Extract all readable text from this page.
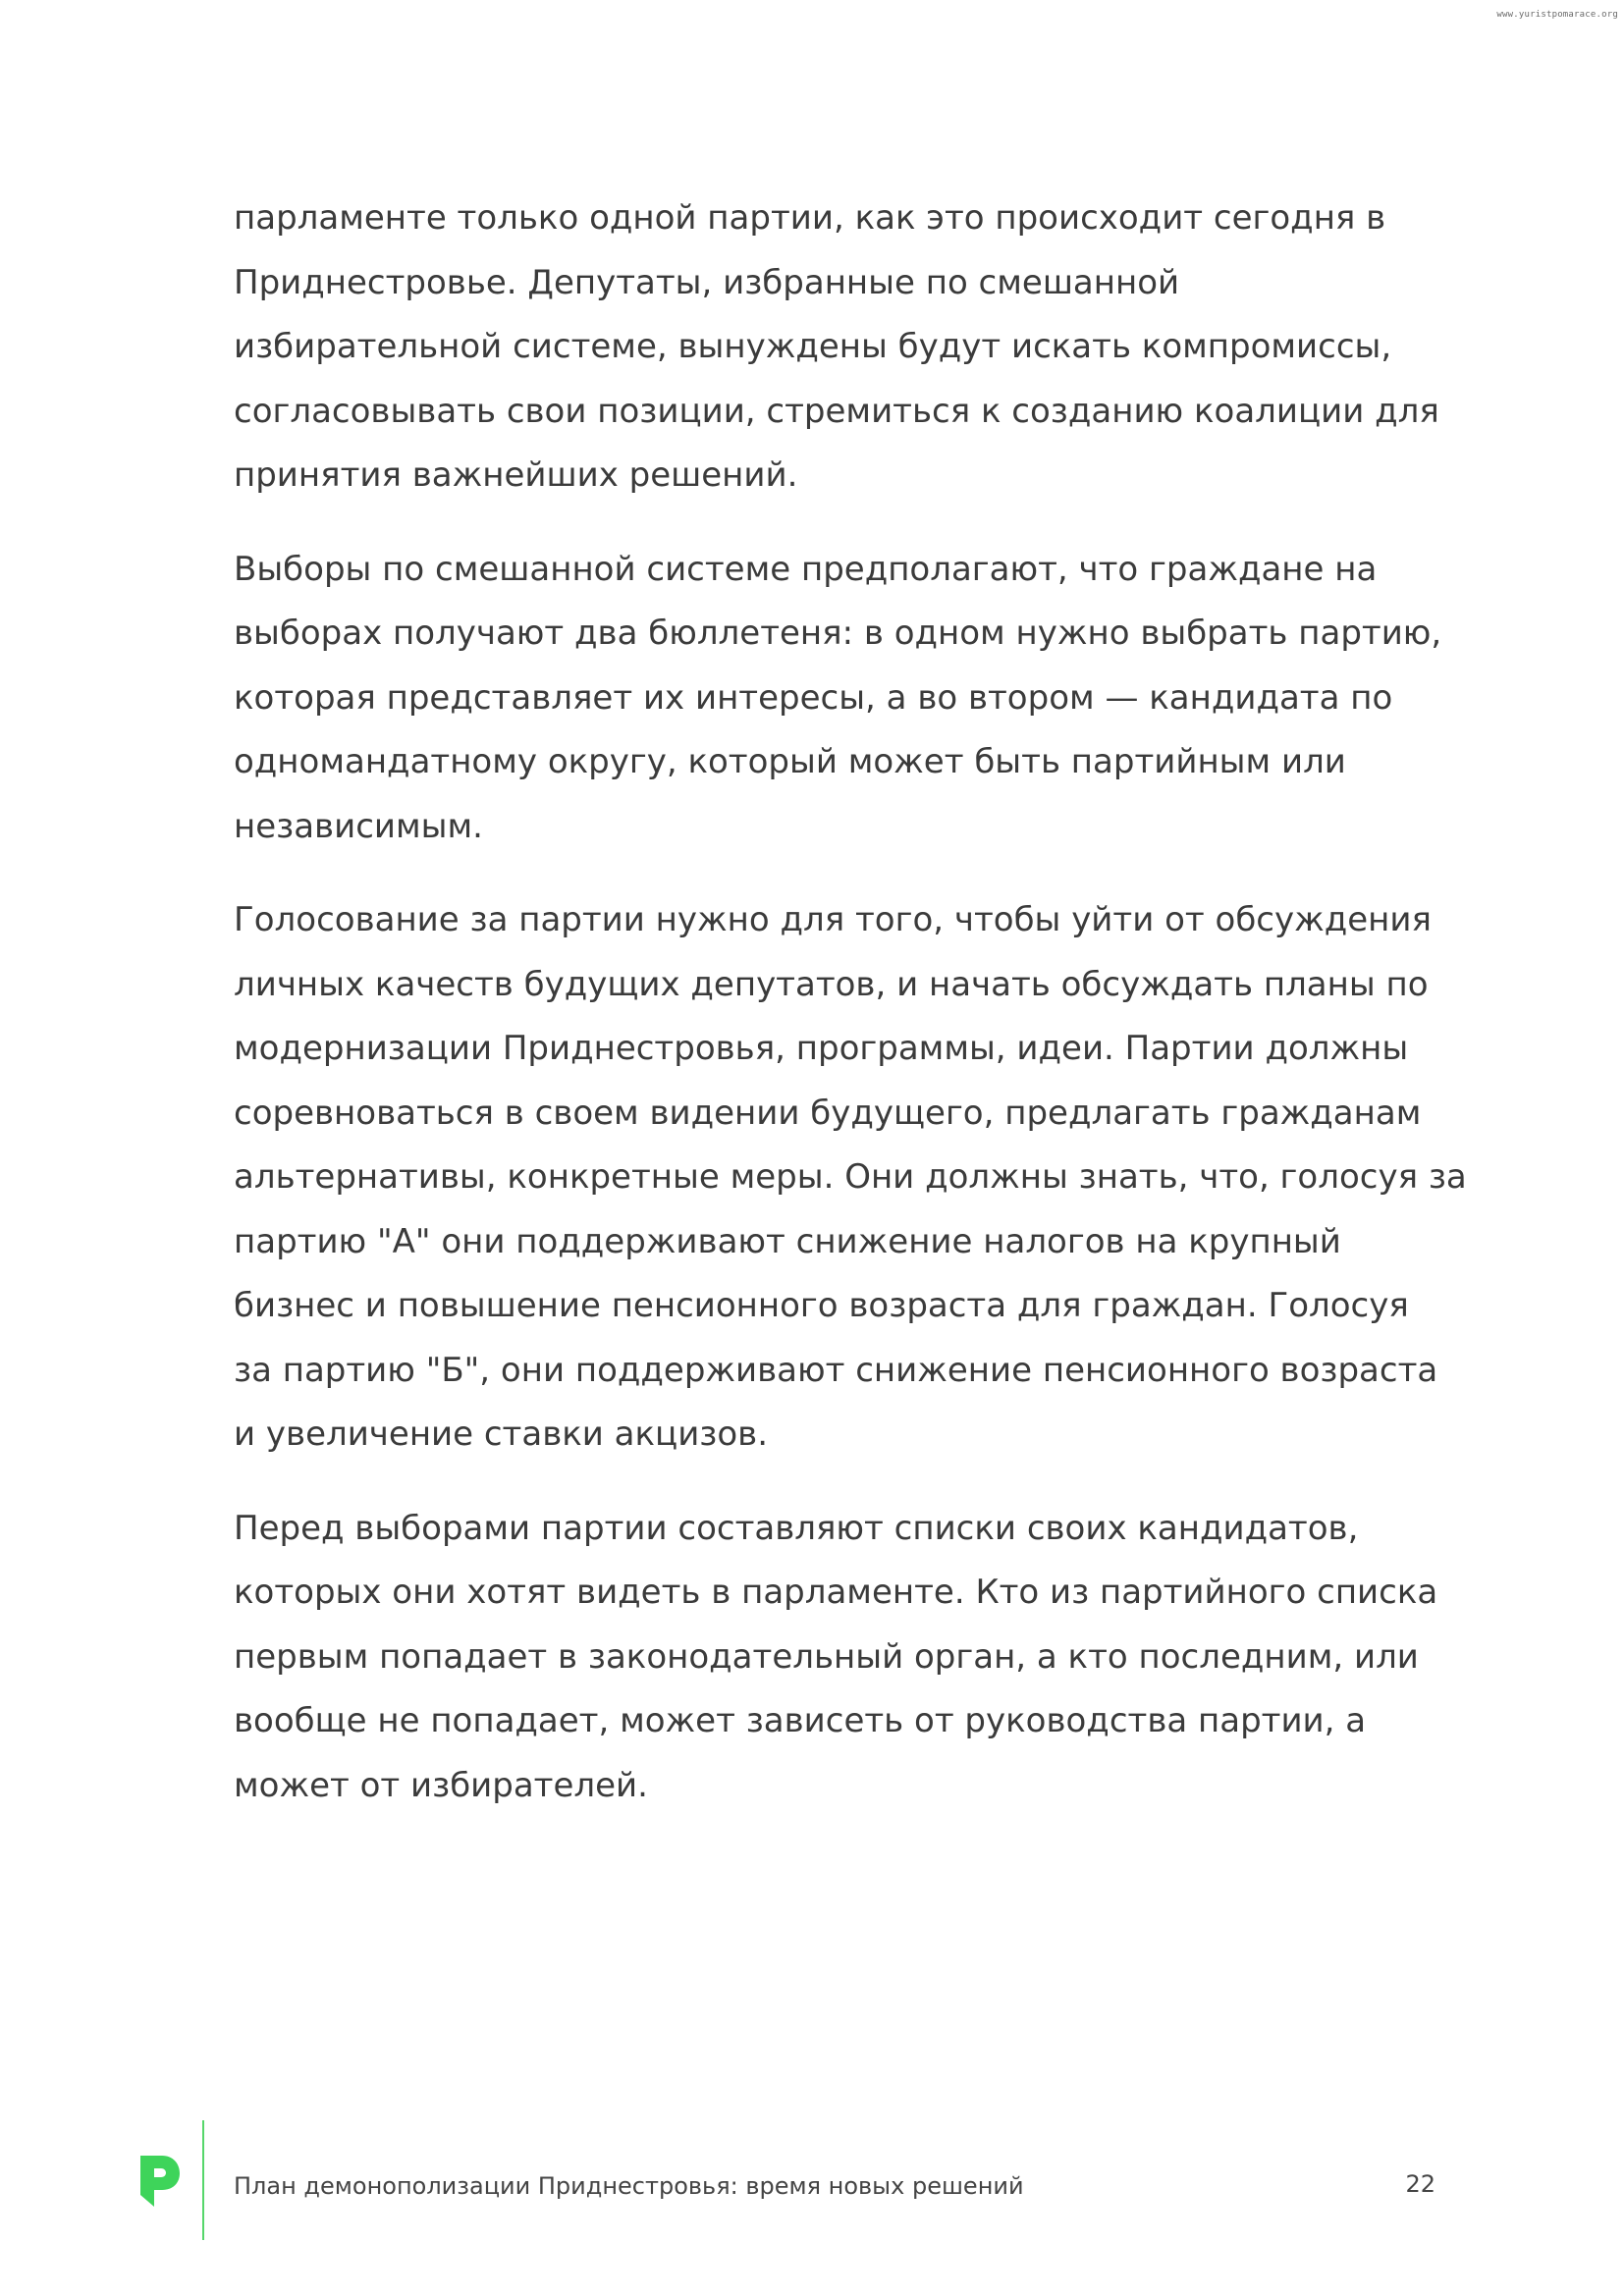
www.yuristpomarace.org

парламенте только одной партии, как это происходит сегодня в
Приднестровье. Депутаты, избранные по смешанной
избирательной системе, вынуждены будут искать компромиссы,
согласовывать свои позиции, стремиться к созданию коалиции для
принятия важнейших решений.

Выборы по смешанной системе предполагают, что граждане на
выборах получают два бюллетеня: в одном нужно выбрать партию,
которая представляет их интересы, а во втором — кандидата по
одномандатному округу, который может быть партийным или
независимым.

Голосование за партии нужно для того, чтобы уйти от обсуждения
личных качеств будущих депутатов, и начать обсуждать планы по
модернизации Приднестровья, программы, идеи. Партии должны
соревноваться в своем видении будущего, предлагать гражданам
альтернативы, конкретные меры. Они должны знать, что, голосуя за
партию "А" они поддерживают снижение налогов на крупный
бизнес и повышение пенсионного возраста для граждан. Голосуя
за партию "Б", они поддерживают снижение пенсионного возраста
и увеличение ставки акцизов.

Перед выборами партии составляют списки своих кандидатов,
которых они хотят видеть в парламенте. Кто из партийного списка
первым попадает в законодательный орган, а кто последним, или
вообще не попадает, может зависеть от руководства партии, а
может от избирателей.

План демонополизации Приднестровья: время новых решений	22
